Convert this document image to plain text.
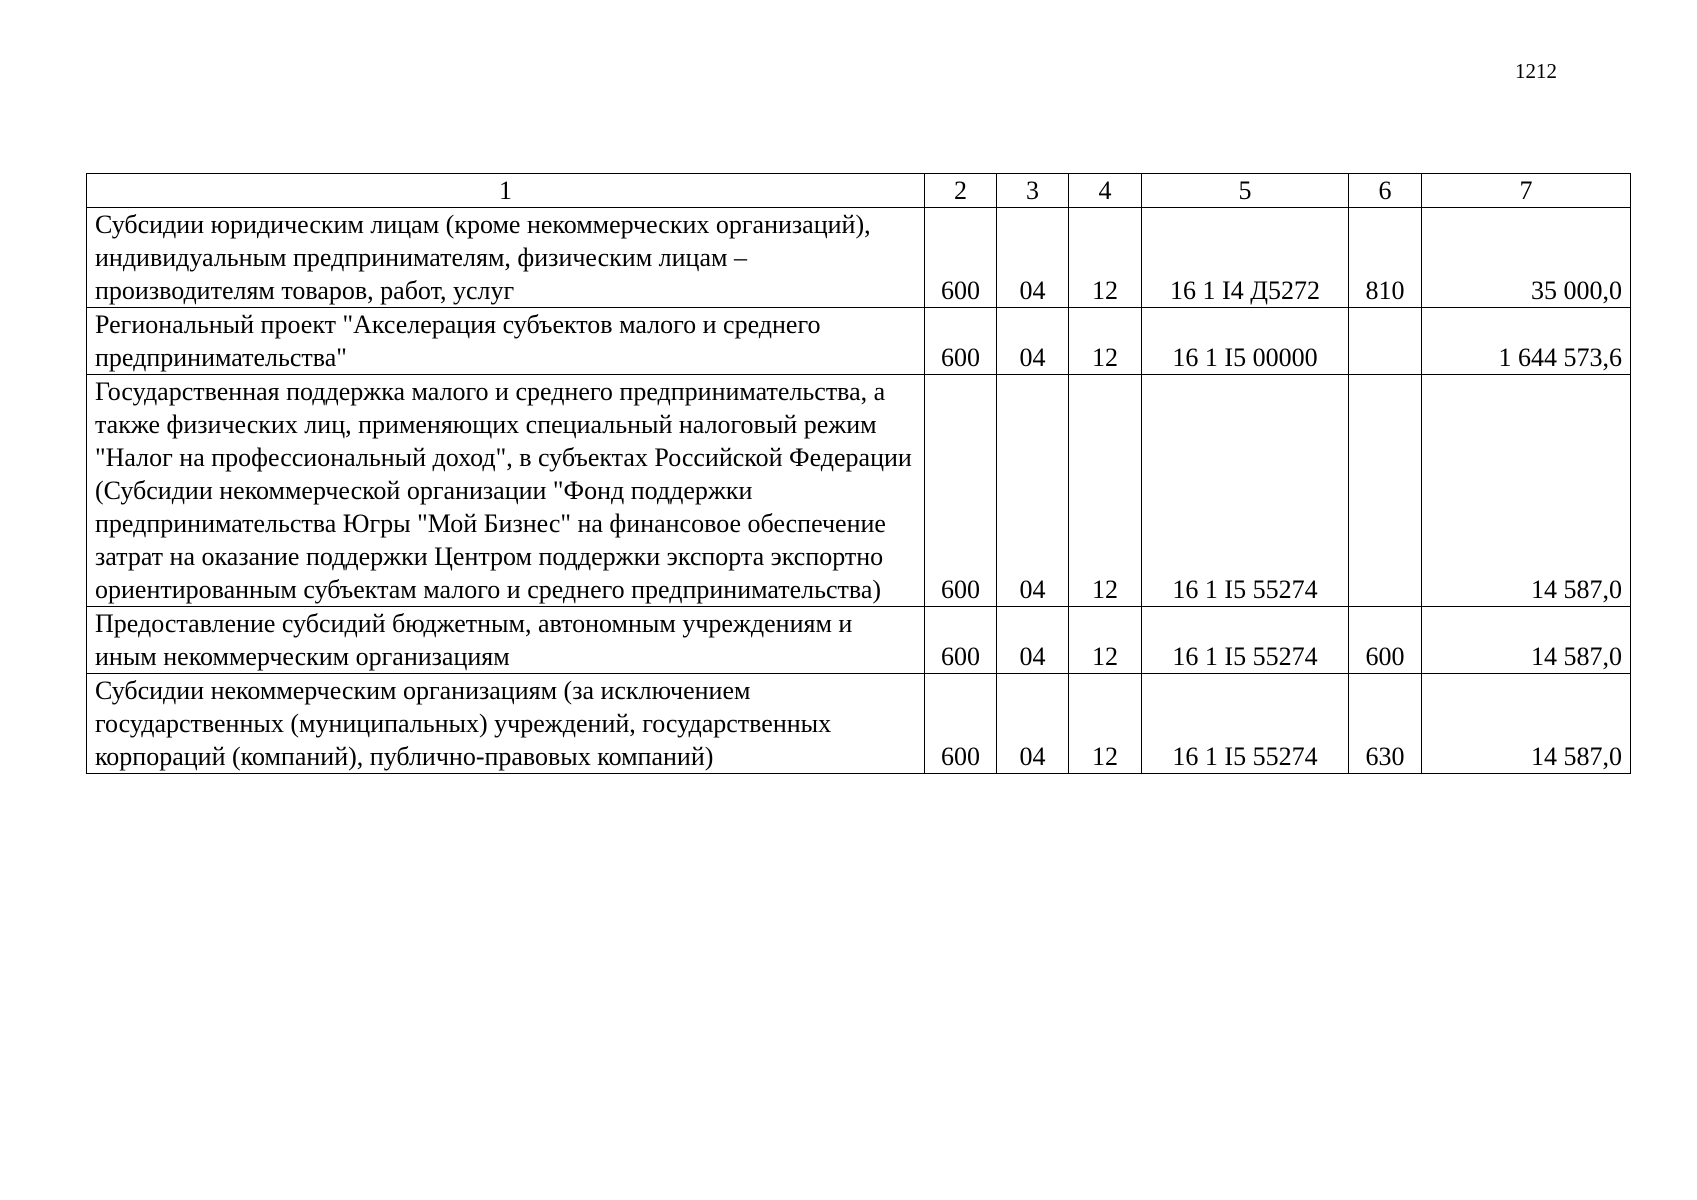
1212
1	2	3	4	5	6	7
Субсидии юридическим лицам (кроме некоммерческих организаций), индивидуальным предпринимателям, физическим лицам – производителям товаров, работ, услуг	600	04	12	16 1 I4 Д5272	810	35 000,0
Региональный проект "Акселерация субъектов малого и среднего предпринимательства"	600	04	12	16 1 I5 00000		1 644 573,6
Государственная поддержка малого и среднего предпринимательства, а также физических лиц, применяющих специальный налоговый режим "Налог на профессиональный доход", в субъектах Российской Федерации (Субсидии некоммерческой организации "Фонд поддержки предпринимательства Югры "Мой Бизнес" на финансовое обеспечение затрат на оказание поддержки Центром поддержки экспорта экспортно ориентированным субъектам малого и среднего предпринимательства)	600	04	12	16 1 I5 55274		14 587,0
Предоставление субсидий бюджетным, автономным учреждениям и иным некоммерческим организациям	600	04	12	16 1 I5 55274	600	14 587,0
Субсидии некоммерческим организациям (за исключением государственных (муниципальных) учреждений, государственных корпораций (компаний), публично-правовых компаний)	600	04	12	16 1 I5 55274	630	14 587,0
